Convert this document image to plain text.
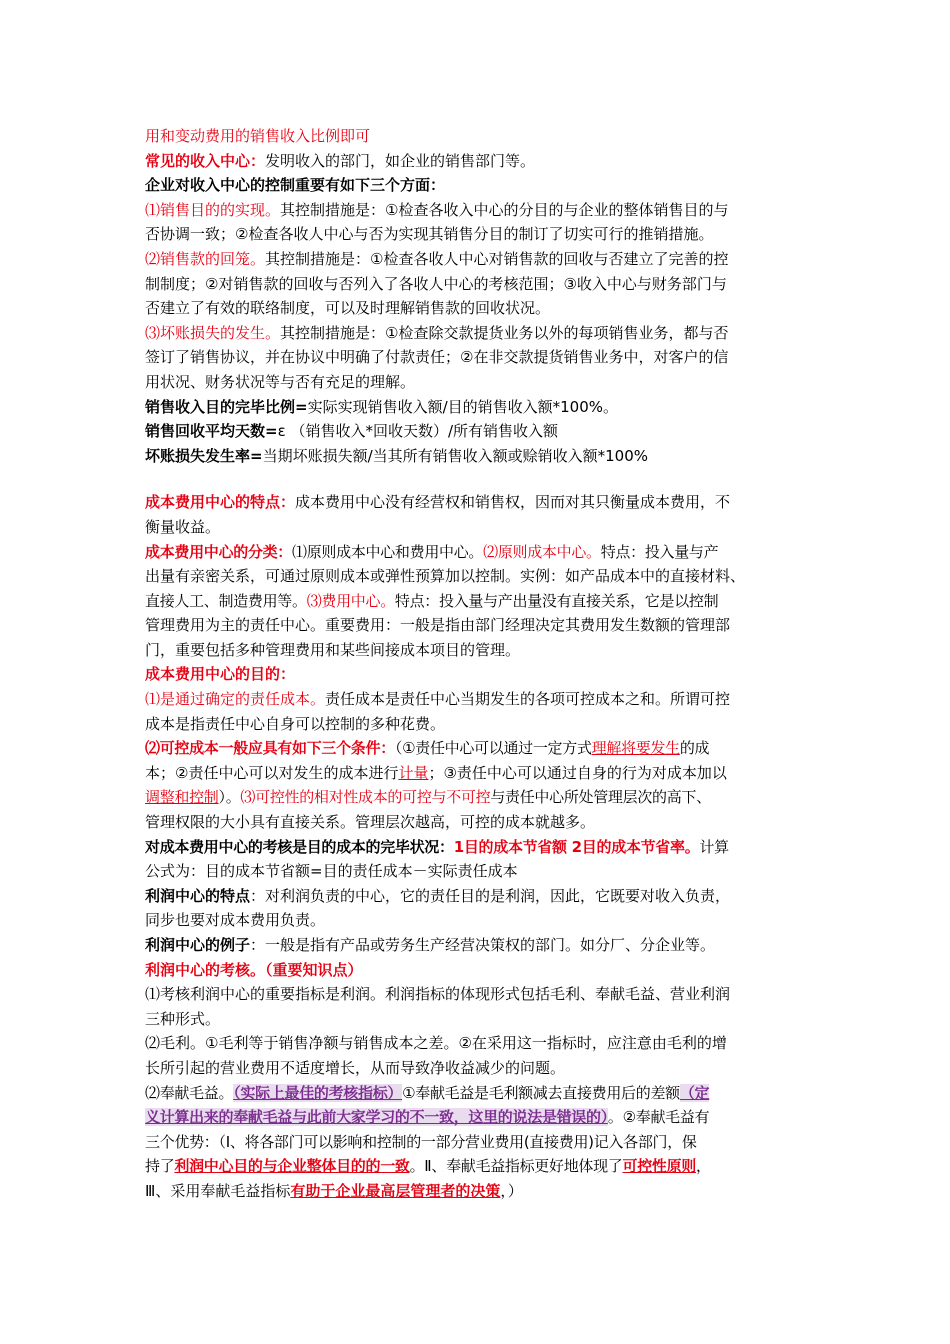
用和变动费用的销售收入比例即可
常见的收入中心：发明收入的部门，如企业的销售部门等。
企业对收入中心的控制重要有如下三个方面：
⑴销售目的的实现。其控制措施是：①检查各收入中心的分目的与企业的整体销售目的与
否协调一致；②检查各收人中心与否为实现其销售分目的制订了切实可行的推销措施。
⑵销售款的回笼。其控制措施是：①检查各收人中心对销售款的回收与否建立了完善的控
制制度；②对销售款的回收与否列入了各收人中心的考核范围；③收入中心与财务部门与
否建立了有效的联络制度，可以及时理解销售款的回收状况。
⑶坏账损失的发生。其控制措施是：①检查除交款提货业务以外的每项销售业务，都与否
签订了销售协议，并在协议中明确了付款责任；②在非交款提货销售业务中，对客户的信
用状况、财务状况等与否有充足的理解。
销售收入目的完毕比例=实际实现销售收入额/目的销售收入额*100%。
销售回收平均天数=ε （销售收入*回收天数）/所有销售收入额
坏账损失发生率=当期坏账损失额/当其所有销售收入额或赊销收入额*100%
成本费用中心的特点：成本费用中心没有经营权和销售权，因而对其只衡量成本费用，不
衡量收益。
成本费用中心的分类：⑴原则成本中心和费用中心。⑵原则成本中心。特点：投入量与产
出量有亲密关系，可通过原则成本或弹性预算加以控制。实例：如产品成本中的直接材料、
直接人工、制造费用等。⑶费用中心。特点：投入量与产出量没有直接关系，它是以控制
管理费用为主的责任中心。重要费用：一般是指由部门经理决定其费用发生数额的管理部
门，重要包括多种管理费用和某些间接成本项目的管理。
成本费用中心的目的：
⑴是通过确定的责任成本。责任成本是责任中心当期发生的各项可控成本之和。所谓可控
成本是指责任中心自身可以控制的多种花费。
⑵可控成本一般应具有如下三个条件：（①责任中心可以通过一定方式理解将要发生的成
本；②责任中心可以对发生的成本进行计量；③责任中心可以通过自身的行为对成本加以
调整和控制）。⑶可控性的相对性成本的可控与不可控与责任中心所处管理层次的高下、
管理权限的大小具有直接关系。管理层次越高，可控的成本就越多。
对成本费用中心的考核是目的成本的完毕状况：1目的成本节省额 2目的成本节省率。计算
公式为：目的成本节省额=目的责任成本－实际责任成本
利润中心的特点：对利润负责的中心，它的责任目的是利润，因此，它既要对收入负责，
同步也要对成本费用负责。
利润中心的例子：一般是指有产品或劳务生产经营决策权的部门。如分厂、分企业等。
利润中心的考核。（重要知识点）
⑴考核利润中心的重要指标是利润。利润指标的体现形式包括毛利、奉献毛益、营业利润
三种形式。
⑵毛利。①毛利等于销售净额与销售成本之差。②在采用这一指标时，应注意由毛利的增
长所引起的营业费用不适度增长，从而导致净收益减少的问题。
⑵奉献毛益。（实际上最佳的考核指标）①奉献毛益是毛利额减去直接费用后的差额（定
义计算出来的奉献毛益与此前大家学习的不一致，这里的说法是错误的）。②奉献毛益有
三个优势：（Ⅰ、将各部门可以影响和控制的一部分营业费用(直接费用)记入各部门，保
持了利润中心目的与企业整体目的的一致。Ⅱ、奉献毛益指标更好地体现了可控性原则，
Ⅲ、采用奉献毛益指标有助于企业最高层管理者的决策，）
